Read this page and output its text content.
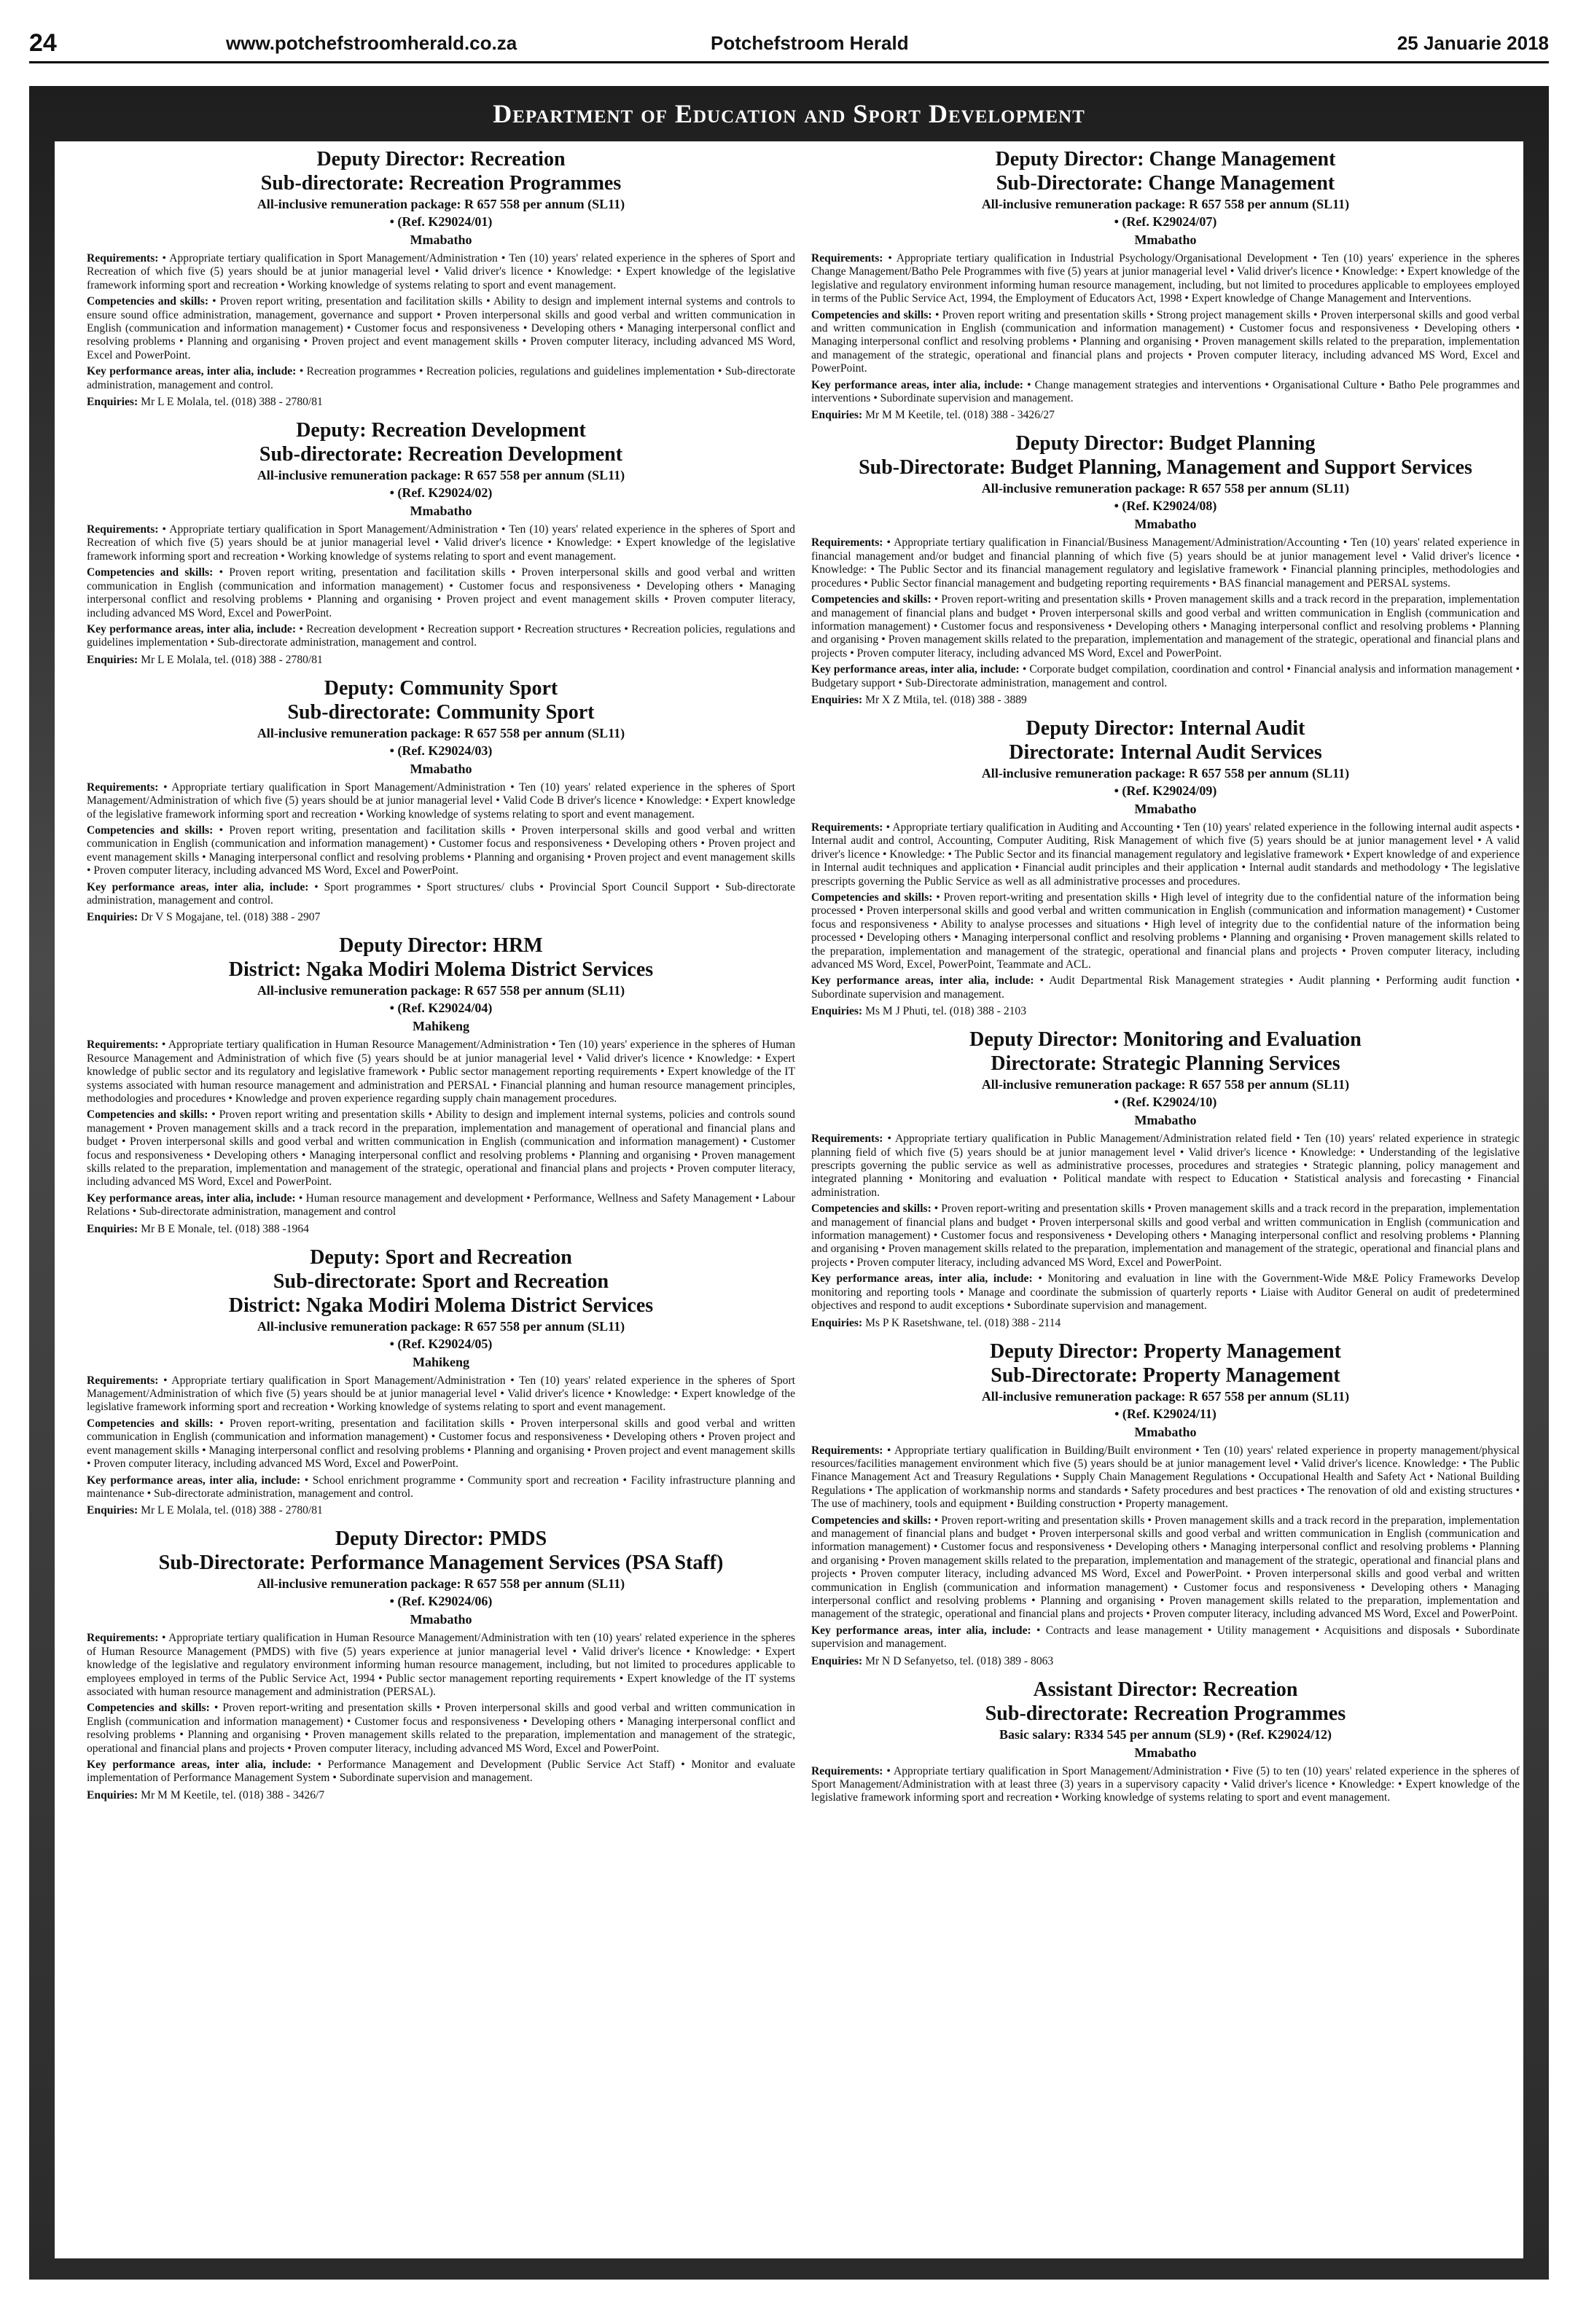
24	www.potchefstroomherald.co.za	Potchefstroom Herald	25 Januarie 2018
Department of Education and Sport Development
Deputy Director: Recreation
Sub-directorate: Recreation Programmes
All-inclusive remuneration package: R 657 558 per annum (SL11)
• (Ref. K29024/01)
Mmabatho

Requirements: • Appropriate tertiary qualification in Sport Management/Administration • Ten (10) years' related experience in the spheres of Sport and Recreation of which five (5) years should be at junior managerial level • Valid driver's licence • Knowledge: • Expert knowledge of the legislative framework informing sport and recreation • Working knowledge of systems relating to sport and event management.

Competencies and skills: • Proven report writing, presentation and facilitation skills • Ability to design and implement internal systems and controls to ensure sound office administration, management, governance and support • Proven interpersonal skills and good verbal and written communication in English (communication and information management) • Customer focus and responsiveness • Developing others • Managing interpersonal conflict and resolving problems • Planning and organising • Proven project and event management skills • Proven computer literacy, including advanced MS Word, Excel and PowerPoint.

Key performance areas, inter alia, include: • Recreation programmes • Recreation policies, regulations and guidelines implementation • Sub-directorate administration, management and control.

Enquiries: Mr L E Molala, tel. (018) 388 - 2780/81

Deputy: Recreation Development
Sub-directorate: Recreation Development
All-inclusive remuneration package: R 657 558 per annum (SL11)
• (Ref. K29024/02)
Mmabatho

Requirements: • Appropriate tertiary qualification in Sport Management/Administration • Ten (10) years' related experience in the spheres of Sport and Recreation of which five (5) years should be at junior managerial level • Valid driver's licence • Knowledge: • Expert knowledge of the legislative framework informing sport and recreation • Working knowledge of systems relating to sport and event management.

Competencies and skills: • Proven report writing, presentation and facilitation skills • Proven interpersonal skills and good verbal and written communication in English (communication and information management) • Customer focus and responsiveness • Developing others • Managing interpersonal conflict and resolving problems • Planning and organising • Proven project and event management skills • Proven computer literacy, including advanced MS Word, Excel and PowerPoint.

Key performance areas, inter alia, include: • Recreation development • Recreation support • Recreation structures • Recreation policies, regulations and guidelines implementation • Sub-directorate administration, management and control.

Enquiries: Mr L E Molala, tel. (018) 388 - 2780/81

Deputy: Community Sport
Sub-directorate: Community Sport
All-inclusive remuneration package: R 657 558 per annum (SL11)
• (Ref. K29024/03)
Mmabatho

Requirements: • Appropriate tertiary qualification in Sport Management/Administration • Ten (10) years' related experience in the spheres of Sport Management/Administration of which five (5) years should be at junior managerial level • Valid Code B driver's licence • Knowledge: • Expert knowledge of the legislative framework informing sport and recreation • Working knowledge of systems relating to sport and event management.

Competencies and skills: • Proven report writing, presentation and facilitation skills • Proven interpersonal skills and good verbal and written communication in English (communication and information management) • Customer focus and responsiveness • Developing others • Proven project and event management skills • Managing interpersonal conflict and resolving problems • Planning and organising • Proven project and event management skills • Proven computer literacy, including advanced MS Word, Excel and PowerPoint.

Key performance areas, inter alia, include: • Sport programmes • Sport structures/ clubs • Provincial Sport Council Support • Sub-directorate administration, management and control.

Enquiries: Dr V S Mogajane, tel. (018) 388 - 2907

Deputy Director: HRM
District: Ngaka Modiri Molema District Services
All-inclusive remuneration package: R 657 558 per annum (SL11)
• (Ref. K29024/04)
Mahikeng

Requirements: • Appropriate tertiary qualification in Human Resource Management/Administration • Ten (10) years' experience in the spheres of Human Resource Management and Administration of which five (5) years should be at junior managerial level • Valid driver's licence • Knowledge: • Expert knowledge of public sector and its regulatory and legislative framework • Public sector management reporting requirements • Expert knowledge of the IT systems associated with human resource management and administration and PERSAL • Financial planning and human resource management principles, methodologies and procedures • Knowledge and proven experience regarding supply chain management procedures.

Competencies and skills: • Proven report writing and presentation skills • Ability to design and implement internal systems, policies and controls sound management • Proven management skills and a track record in the preparation, implementation and management of operational and financial plans and budget • Proven interpersonal skills and good verbal and written communication in English (communication and information management) • Customer focus and responsiveness • Developing others • Managing interpersonal conflict and resolving problems • Planning and organising • Proven management skills related to the preparation, implementation and management of the strategic, operational and financial plans and projects • Proven computer literacy, including advanced MS Word, Excel and PowerPoint.

Key performance areas, inter alia, include: • Human resource management and development • Performance, Wellness and Safety Management • Labour Relations • Sub-directorate administration, management and control

Enquiries: Mr B E Monale, tel. (018) 388 -1964

Deputy: Sport and Recreation
Sub-directorate: Sport and Recreation
District: Ngaka Modiri Molema District Services
All-inclusive remuneration package: R 657 558 per annum (SL11)
• (Ref. K29024/05)
Mahikeng

Requirements: • Appropriate tertiary qualification in Sport Management/Administration • Ten (10) years' related experience in the spheres of Sport Management/Administration of which five (5) years should be at junior managerial level • Valid driver's licence • Knowledge: • Expert knowledge of the legislative framework informing sport and recreation • Working knowledge of systems relating to sport and event management.

Competencies and skills: • Proven report-writing, presentation and facilitation skills • Proven interpersonal skills and good verbal and written communication in English (communication and information management) • Customer focus and responsiveness • Developing others • Proven project and event management skills • Managing interpersonal conflict and resolving problems • Planning and organising • Proven project and event management skills • Proven computer literacy, including advanced MS Word, Excel and PowerPoint.

Key performance areas, inter alia, include: • School enrichment programme • Community sport and recreation • Facility infrastructure planning and maintenance • Sub-directorate administration, management and control.

Enquiries: Mr L E Molala, tel. (018) 388 - 2780/81

Deputy Director: PMDS
Sub-Directorate: Performance Management Services (PSA Staff)
All-inclusive remuneration package: R 657 558 per annum (SL11)
• (Ref. K29024/06)
Mmabatho

Requirements: • Appropriate tertiary qualification in Human Resource Management/Administration with ten (10) years' related experience in the spheres of Human Resource Management (PMDS) with five (5) years experience at junior managerial level • Valid driver's licence • Knowledge: • Expert knowledge of the legislative and regulatory environment informing human resource management, including, but not limited to procedures applicable to employees employed in terms of the Public Service Act, 1994 • Public sector management reporting requirements • Expert knowledge of the IT systems associated with human resource management and administration (PERSAL).

Competencies and skills: • Proven report-writing and presentation skills • Proven interpersonal skills and good verbal and written communication in English (communication and information management) • Customer focus and responsiveness • Developing others • Managing interpersonal conflict and resolving problems • Planning and organising • Proven management skills related to the preparation, implementation and management of the strategic, operational and financial plans and projects • Proven computer literacy, including advanced MS Word, Excel and PowerPoint.

Key performance areas, inter alia, include: • Performance Management and Development (Public Service Act Staff) • Monitor and evaluate implementation of Performance Management System • Subordinate supervision and management.

Enquiries: Mr M M Keetile, tel. (018) 388 - 3426/7

Deputy Director: Change Management
Sub-Directorate: Change Management
All-inclusive remuneration package: R 657 558 per annum (SL11)
• (Ref. K29024/07)
Mmabatho

Requirements: • Appropriate tertiary qualification in Industrial Psychology/Organisational Development • Ten (10) years' experience in the spheres Change Management/Batho Pele Programmes with five (5) years at junior managerial level • Valid driver's licence • Knowledge: • Expert knowledge of the legislative and regulatory environment informing human resource management, including, but not limited to procedures applicable to employees employed in terms of the Public Service Act, 1994, the Employment of Educators Act, 1998 • Expert knowledge of Change Management and Interventions.

Competencies and skills: • Proven report writing and presentation skills • Strong project management skills • Proven interpersonal skills and good verbal and written communication in English (communication and information management) • Customer focus and responsiveness • Developing others • Managing interpersonal conflict and resolving problems • Planning and organising • Proven management skills related to the preparation, implementation and management of the strategic, operational and financial plans and projects • Proven computer literacy, including advanced MS Word, Excel and PowerPoint.

Key performance areas, inter alia, include: • Change management strategies and interventions • Organisational Culture • Batho Pele programmes and interventions • Subordinate supervision and management.

Enquiries: Mr M M Keetile, tel. (018) 388 - 3426/27

Deputy Director: Budget Planning
Sub-Directorate: Budget Planning, Management and Support Services
All-inclusive remuneration package: R 657 558 per annum (SL11)
• (Ref. K29024/08)
Mmabatho

Requirements: • Appropriate tertiary qualification in Financial/Business Management/Administration/Accounting • Ten (10) years' related experience in financial management and/or budget and financial planning of which five (5) years should be at junior management level • Valid driver's licence • Knowledge: • The Public Sector and its financial management regulatory and legislative framework • Financial planning principles, methodologies and procedures • Public Sector financial management and budgeting reporting requirements • BAS financial management and PERSAL systems.

Competencies and skills: • Proven report-writing and presentation skills • Proven management skills and a track record in the preparation, implementation and management of financial plans and budget • Proven interpersonal skills and good verbal and written communication in English (communication and information management) • Customer focus and responsiveness • Developing others • Managing interpersonal conflict and resolving problems • Planning and organising • Proven management skills related to the preparation, implementation and management of the strategic, operational and financial plans and projects • Proven computer literacy, including advanced MS Word, Excel and PowerPoint.

Key performance areas, inter alia, include: • Corporate budget compilation, coordination and control • Financial analysis and information management • Budgetary support • Sub-Directorate administration, management and control.

Enquiries: Mr X Z Mtila, tel. (018) 388 - 3889

Deputy Director: Internal Audit
Directorate: Internal Audit Services
All-inclusive remuneration package: R 657 558 per annum (SL11)
• (Ref. K29024/09)
Mmabatho

Requirements: • Appropriate tertiary qualification in Auditing and Accounting • Ten (10) years' related experience in the following internal audit aspects • Internal audit and control, Accounting, Computer Auditing, Risk Management of which five (5) years should be at junior management level • A valid driver's licence • Knowledge: • The Public Sector and its financial management regulatory and legislative framework • Expert knowledge of and experience in Internal audit techniques and application • Financial audit principles and their application • Internal audit standards and methodology • The legislative prescripts governing the Public Service as well as all administrative processes and procedures.

Competencies and skills: • Proven report-writing and presentation skills • High level of integrity due to the confidential nature of the information being processed • Proven interpersonal skills and good verbal and written communication in English (communication and information management) • Customer focus and responsiveness • Ability to analyse processes and situations • High level of integrity due to the confidential nature of the information being processed • Developing others • Managing interpersonal conflict and resolving problems • Planning and organising • Proven management skills related to the preparation, implementation and management of the strategic, operational and financial plans and projects • Proven computer literacy, including advanced MS Word, Excel, PowerPoint, Teammate and ACL.

Key performance areas, inter alia, include: • Audit Departmental Risk Management strategies • Audit planning • Performing audit function • Subordinate supervision and management.

Enquiries: Ms M J Phuti, tel. (018) 388 - 2103

Deputy Director: Monitoring and Evaluation
Directorate: Strategic Planning Services
All-inclusive remuneration package: R 657 558 per annum (SL11)
• (Ref. K29024/10)
Mmabatho

Requirements: • Appropriate tertiary qualification in Public Management/Administration related field • Ten (10) years' related experience in strategic planning field of which five (5) years should be at junior management level • Valid driver's licence • Knowledge: • Understanding of the legislative prescripts governing the public service as well as administrative processes, procedures and strategies • Strategic planning, policy management and integrated planning • Monitoring and evaluation • Political mandate with respect to Education • Statistical analysis and forecasting • Financial administration.

Competencies and skills: • Proven report-writing and presentation skills • Proven management skills and a track record in the preparation, implementation and management of financial plans and budget • Proven interpersonal skills and good verbal and written communication in English (communication and information management) • Customer focus and responsiveness • Developing others • Managing interpersonal conflict and resolving problems • Planning and organising • Proven management skills related to the preparation, implementation and management of the strategic, operational and financial plans and projects • Proven computer literacy, including advanced MS Word, Excel and PowerPoint.

Key performance areas, inter alia, include: • Monitoring and evaluation in line with the Government-Wide M&E Policy Frameworks Develop monitoring and reporting tools • Manage and coordinate the submission of quarterly reports • Liaise with Auditor General on audit of predetermined objectives and respond to audit exceptions • Subordinate supervision and management.

Enquiries: Ms P K Rasetshwane, tel. (018) 388 - 2114

Deputy Director: Property Management
Sub-Directorate: Property Management
All-inclusive remuneration package: R 657 558 per annum (SL11)
• (Ref. K29024/11)
Mmabatho

Requirements: • Appropriate tertiary qualification in Building/Built environment • Ten (10) years' related experience in property management/physical resources/facilities management environment which five (5) years should be at junior management level • Valid driver's licence. Knowledge: • The Public Finance Management Act and Treasury Regulations • Supply Chain Management Regulations • Occupational Health and Safety Act • National Building Regulations • The application of workmanship norms and standards • Safety procedures and best practices • The renovation of old and existing structures • The use of machinery, tools and equipment • Building construction • Property management.

Competencies and skills: • Proven report-writing and presentation skills • Proven management skills and a track record in the preparation, implementation and management of financial plans and budget • Proven interpersonal skills and good verbal and written communication in English (communication and information management) • Customer focus and responsiveness • Developing others • Managing interpersonal conflict and resolving problems • Planning and organising • Proven management skills related to the preparation, implementation and management of the strategic, operational and financial plans and projects • Proven computer literacy, including advanced MS Word, Excel and PowerPoint. • Proven interpersonal skills and good verbal and written communication in English (communication and information management) • Customer focus and responsiveness • Developing others • Managing interpersonal conflict and resolving problems • Planning and organising • Proven management skills related to the preparation, implementation and management of the strategic, operational and financial plans and projects • Proven computer literacy, including advanced MS Word, Excel and PowerPoint.

Key performance areas, inter alia, include: • Contracts and lease management • Utility management • Acquisitions and disposals • Subordinate supervision and management.

Enquiries: Mr N D Sefanyetso, tel. (018) 389 - 8063

Assistant Director: Recreation
Sub-directorate: Recreation Programmes
Basic salary: R334 545 per annum (SL9) • (Ref. K29024/12)
Mmabatho

Requirements: • Appropriate tertiary qualification in Sport Management/Administration • Five (5) to ten (10) years' related experience in the spheres of Sport Management/Administration with at least three (3) years in a supervisory capacity • Valid driver's licence • Knowledge: • Expert knowledge of the legislative framework informing sport and recreation • Working knowledge of systems relating to sport and event management.
